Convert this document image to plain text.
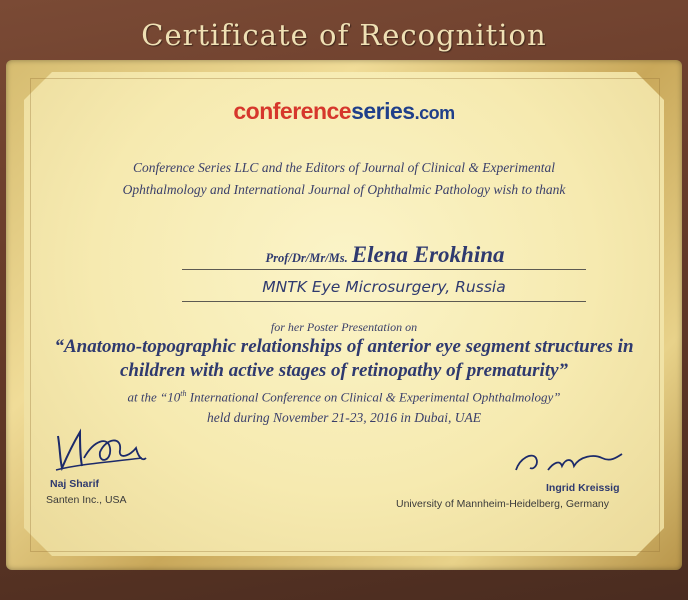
Certificate of Recognition
conferenceseries.com
Conference Series LLC and the Editors of Journal of Clinical & Experimental
Ophthalmology and International Journal of Ophthalmic Pathology wish to thank
Prof/Dr/Mr/Ms. Elena Erokhina
MNTK Eye Microsurgery, Russia
for her Poster Presentation on
“Anatomo-topographic relationships of anterior eye segment structures in
children with active stages of retinopathy of prematurity”
at the “10th International Conference on Clinical & Experimental Ophthalmology”
held during November 21-23, 2016 in Dubai, UAE
Naj Sharif
Santen Inc., USA
Ingrid Kreissig
University of Mannheim-Heidelberg, Germany
